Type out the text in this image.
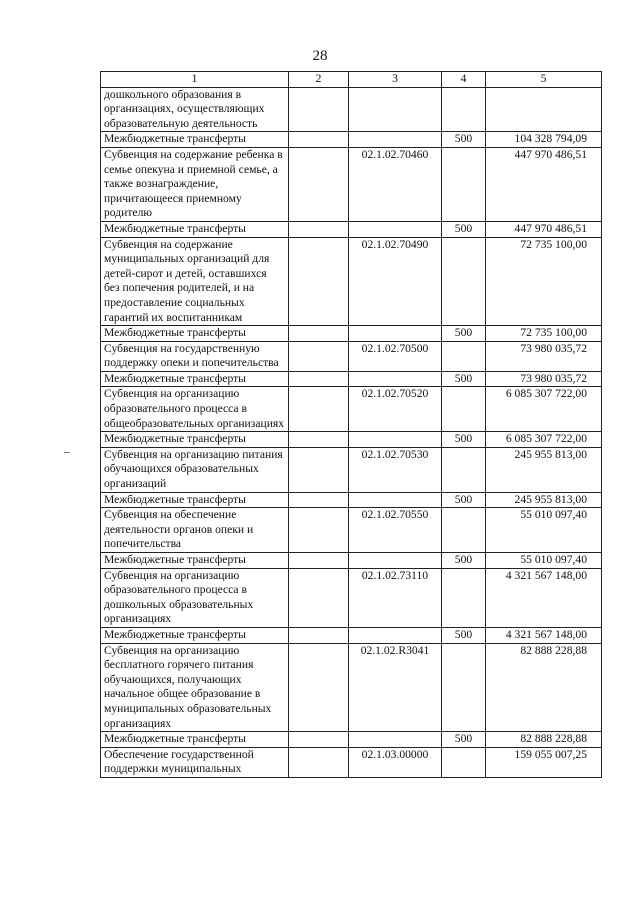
28
1	2	3	4	5
дошкольного образования в организациях, осуществляющих образовательную деятельность				
Межбюджетные трансферты			500	104 328 794,09
Субвенция на содержание ребенка в семье опекуна и приемной семье, а также вознаграждение, причитающееся приемному родителю		02.1.02.70460		447 970 486,51
Межбюджетные трансферты			500	447 970 486,51
Субвенция на содержание муниципальных организаций для детей-сирот и детей, оставшихся без попечения родителей, и на предоставление социальных гарантий их воспитанникам		02.1.02.70490		72 735 100,00
Межбюджетные трансферты			500	72 735 100,00
Субвенция на государственную поддержку опеки и попечительства		02.1.02.70500		73 980 035,72
Межбюджетные трансферты			500	73 980 035,72
Субвенция на организацию образовательного процесса в общеобразовательных организациях		02.1.02.70520		6 085 307 722,00
Межбюджетные трансферты			500	6 085 307 722,00
Субвенция на организацию питания обучающихся образовательных организаций		02.1.02.70530		245 955 813,00
Межбюджетные трансферты			500	245 955 813,00
Субвенция на обеспечение деятельности органов опеки и попечительства		02.1.02.70550		55 010 097,40
Межбюджетные трансферты			500	55 010 097,40
Субвенция на организацию образовательного процесса в дошкольных образовательных организациях		02.1.02.73110		4 321 567 148,00
Межбюджетные трансферты			500	4 321 567 148,00
Субвенция на организацию бесплатного горячего питания обучающихся, получающих начальное общее образование в муниципальных образовательных организациях		02.1.02.R3041		82 888 228,88
Межбюджетные трансферты			500	82 888 228,88
Обеспечение государственной поддержки муниципальных		02.1.03.00000		159 055 007,25
